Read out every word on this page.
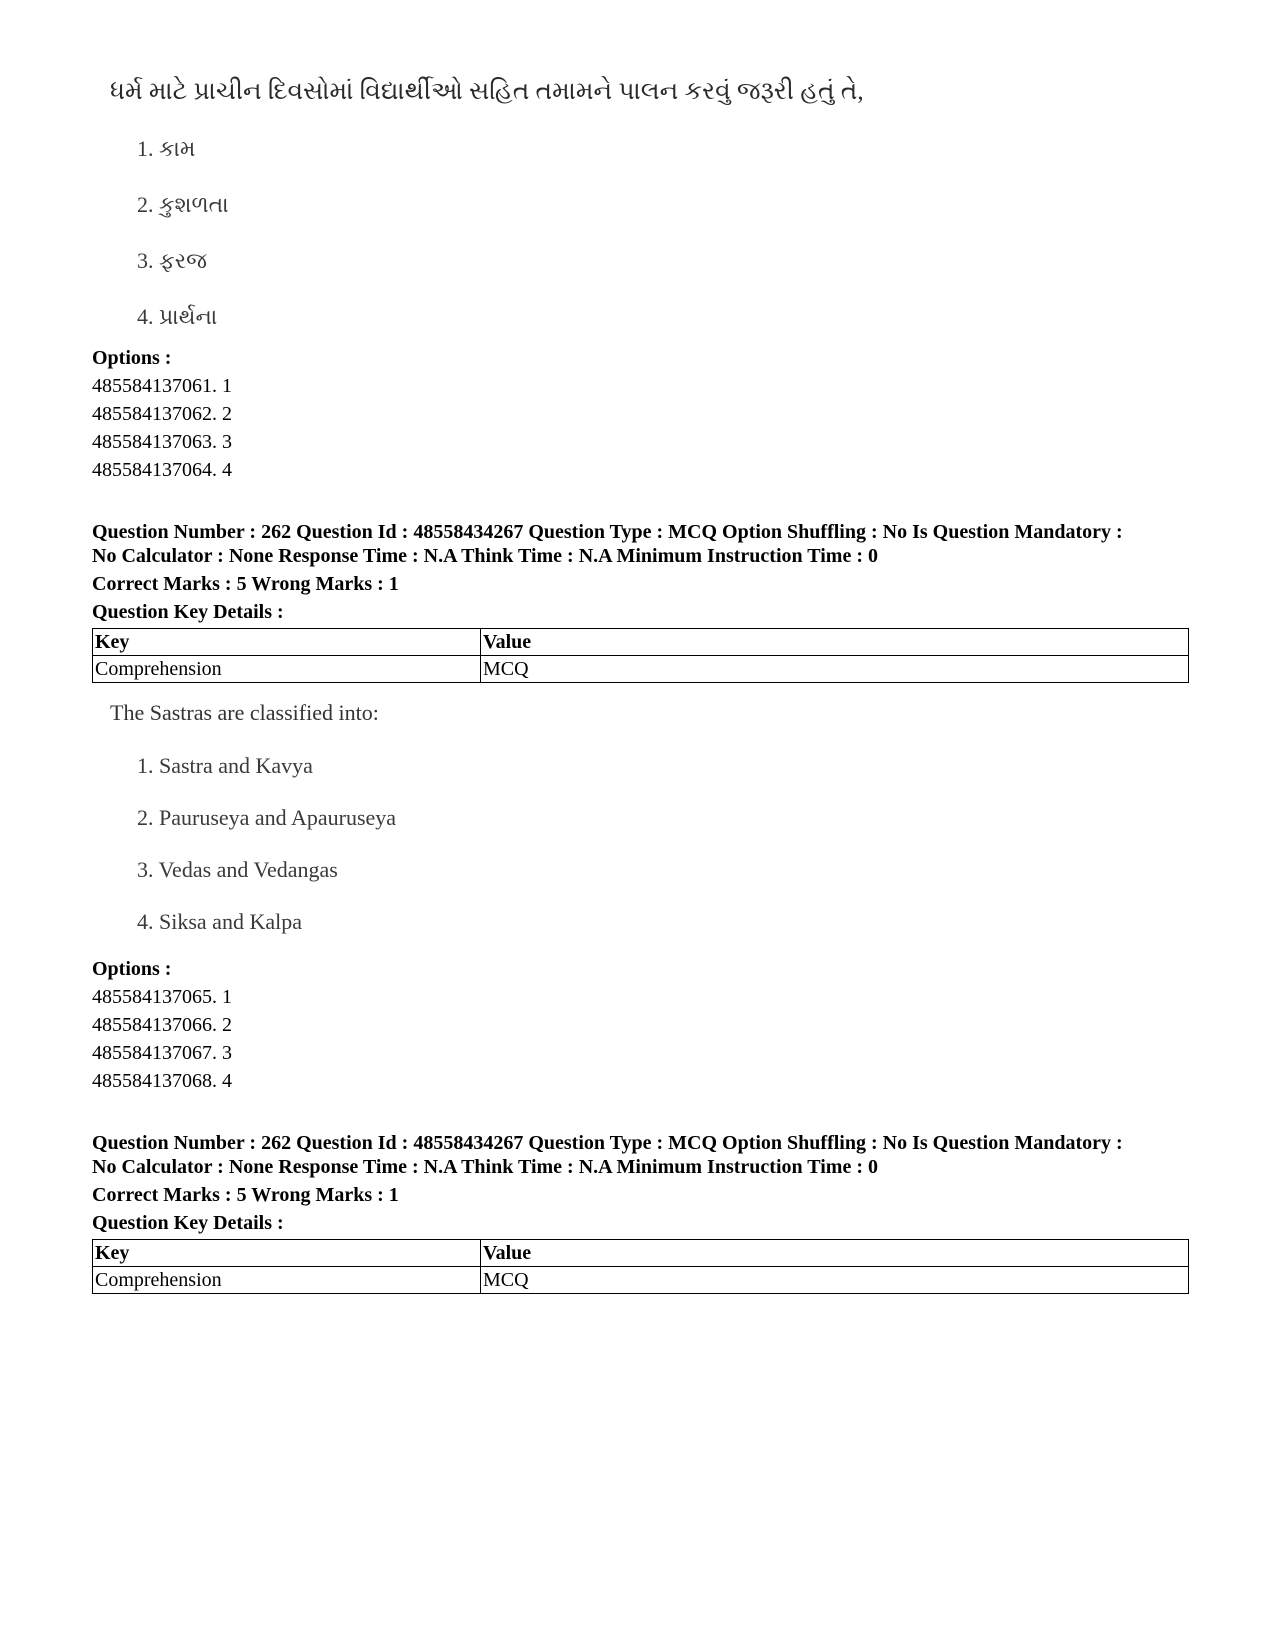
ધર્મ માટે પ્રાચીન દિવસોમાં વિદ્યાર્થીઓ સહિત તમામને પાલન કરવું જરૂરી હતું તે,
1. કામ
2. કુશળતા
3. ફરજ
4. પ્રાર્થના
Options :
485584137061. 1
485584137062. 2
485584137063. 3
485584137064. 4
Question Number : 262 Question Id : 48558434267 Question Type : MCQ Option Shuffling : No Is Question Mandatory :
No Calculator : None Response Time : N.A Think Time : N.A Minimum Instruction Time : 0
Correct Marks : 5 Wrong Marks : 1
Question Key Details :
Key	Value
Comprehension	MCQ
The Sastras are classified into:
1. Sastra and Kavya
2. Pauruseya and Apauruseya
3. Vedas and Vedangas
4. Siksa and Kalpa
Options :
485584137065. 1
485584137066. 2
485584137067. 3
485584137068. 4
Question Number : 262 Question Id : 48558434267 Question Type : MCQ Option Shuffling : No Is Question Mandatory :
No Calculator : None Response Time : N.A Think Time : N.A Minimum Instruction Time : 0
Correct Marks : 5 Wrong Marks : 1
Question Key Details :
Key	Value
Comprehension	MCQ
